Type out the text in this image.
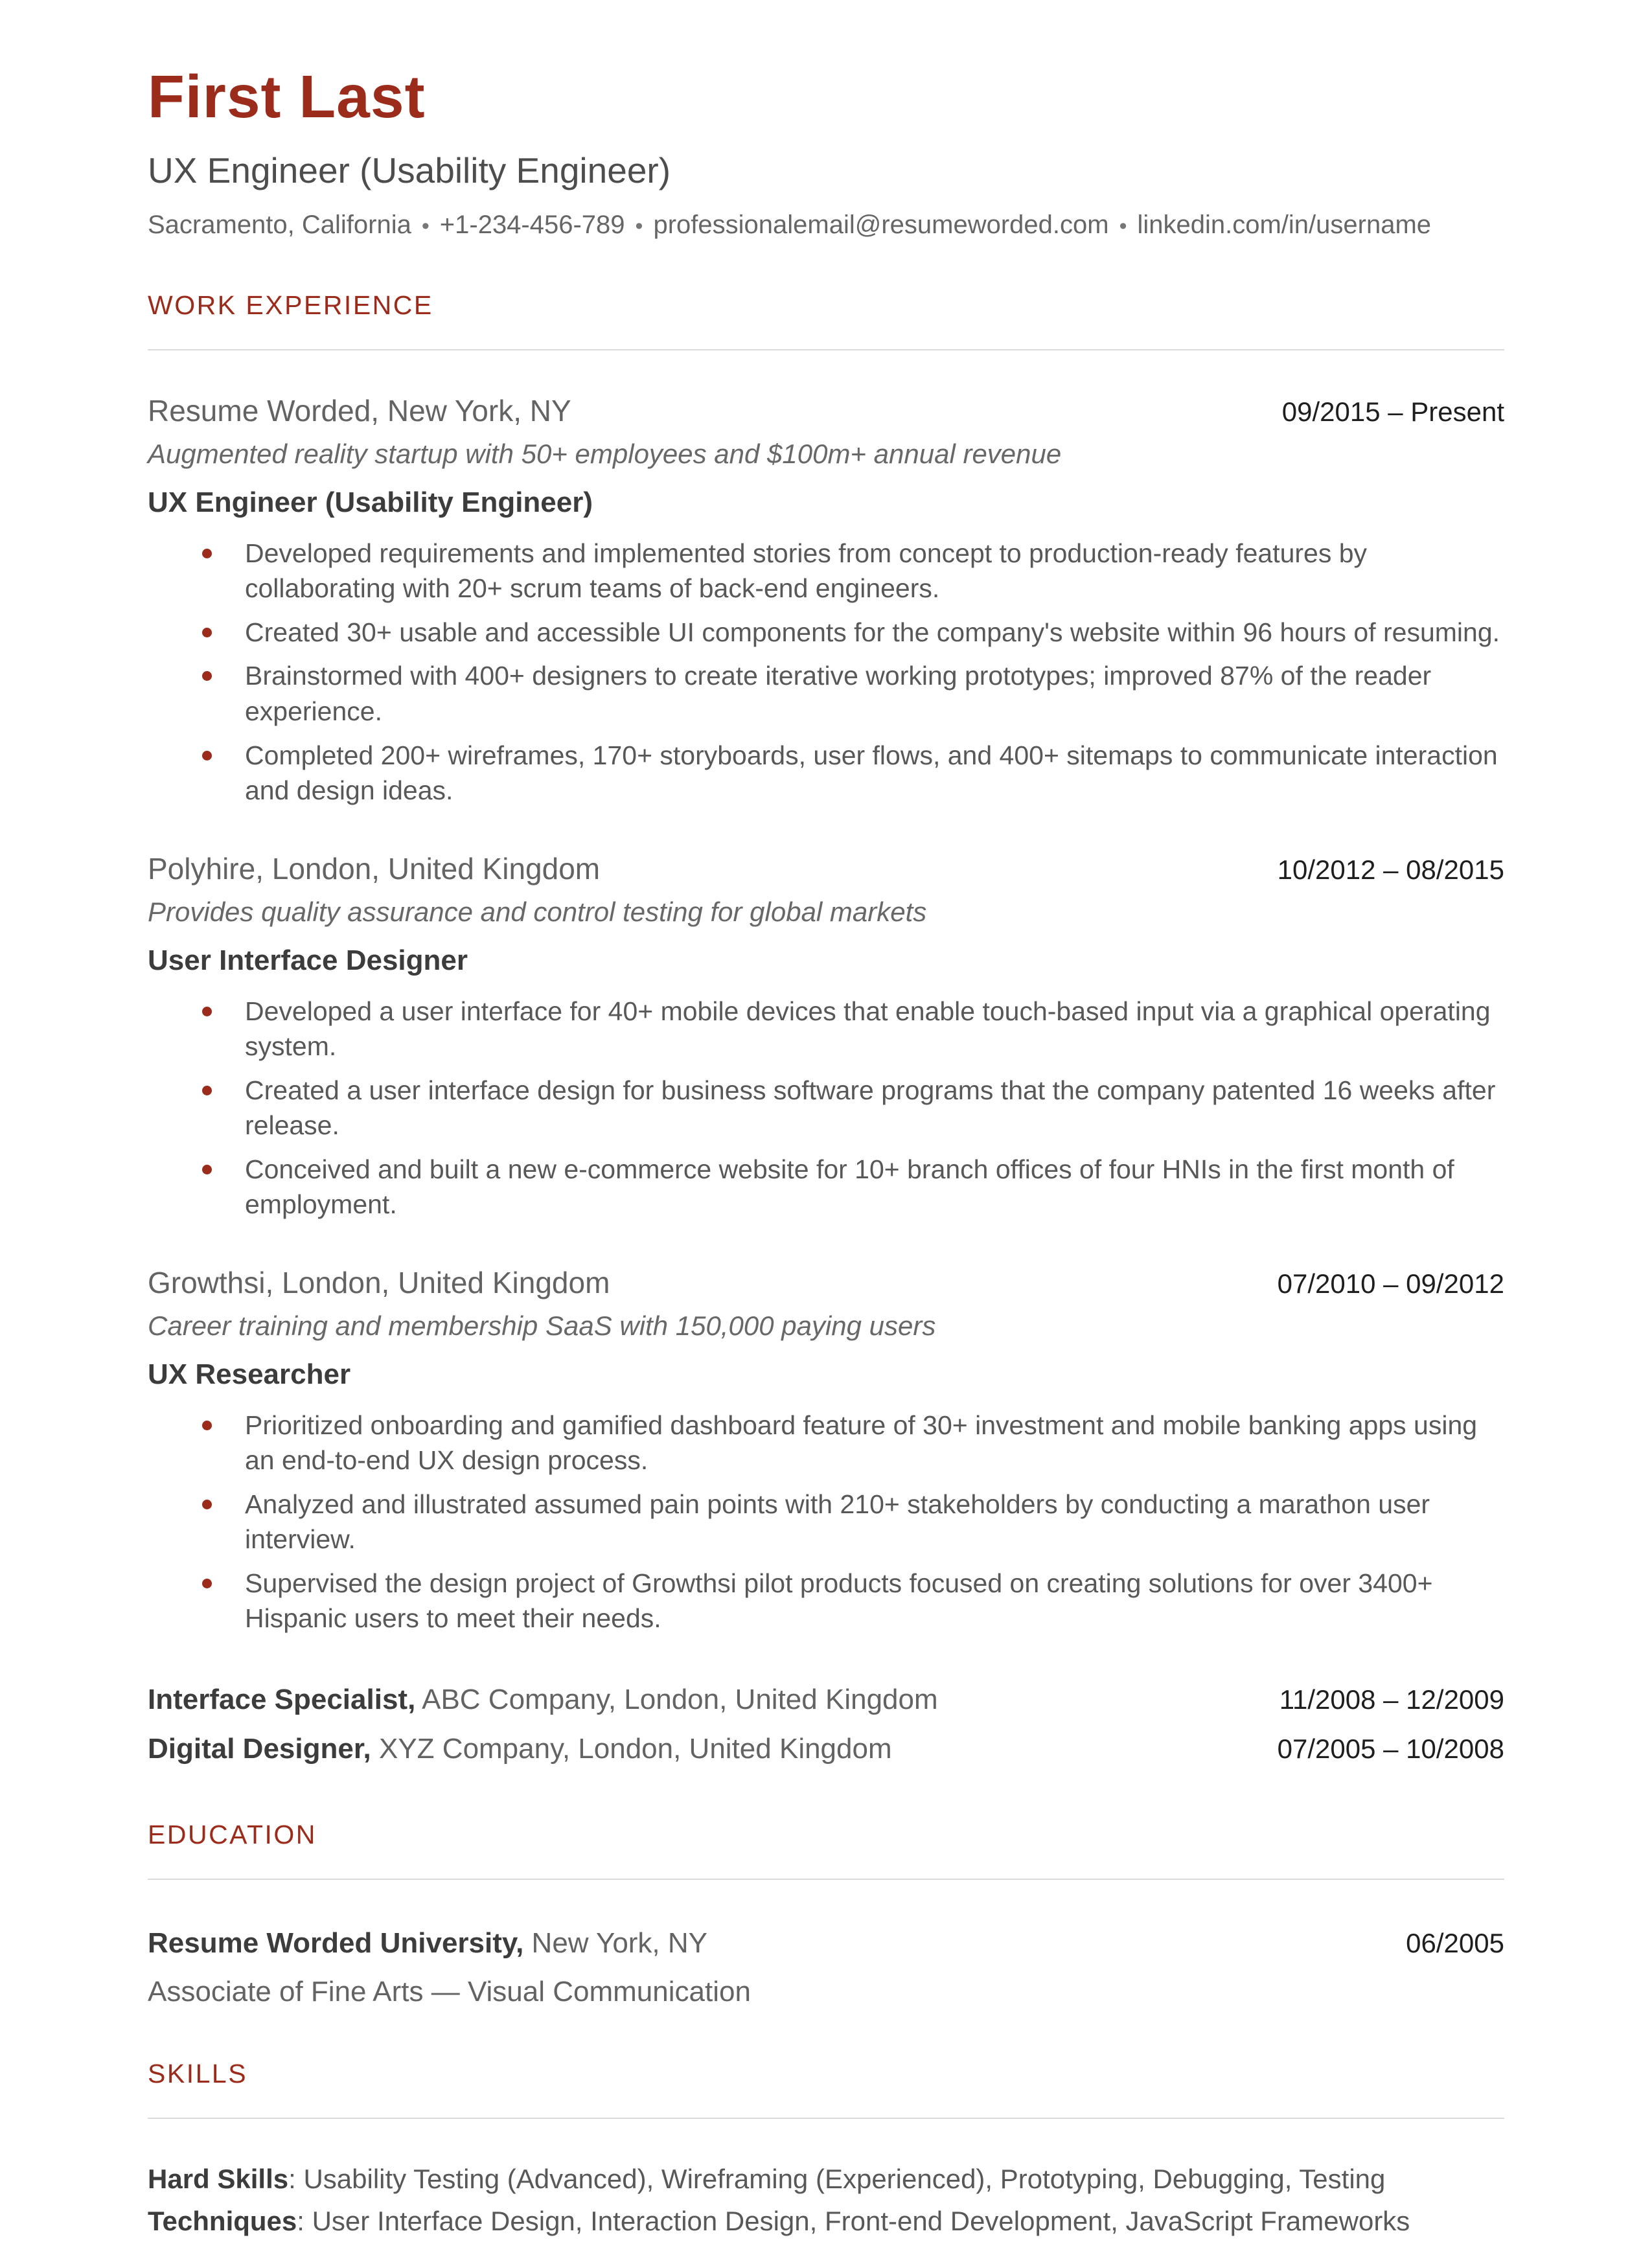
First Last
UX Engineer (Usability Engineer)
Sacramento, California • +1-234-456-789 • professionalemail@resumeworded.com • linkedin.com/in/username
WORK EXPERIENCE
Resume Worded, New York, NY	09/2015 – Present
Augmented reality startup with 50+ employees and $100m+ annual revenue
UX Engineer (Usability Engineer)
Developed requirements and implemented stories from concept to production-ready features by collaborating with 20+ scrum teams of back-end engineers.
Created 30+ usable and accessible UI components for the company's website within 96 hours of resuming.
Brainstormed with 400+ designers to create iterative working prototypes; improved 87% of the reader experience.
Completed 200+ wireframes, 170+ storyboards, user flows, and 400+ sitemaps to communicate interaction and design ideas.
Polyhire, London, United Kingdom	10/2012 – 08/2015
Provides quality assurance and control testing for global markets
User Interface Designer
Developed a user interface for 40+ mobile devices that enable touch-based input via a graphical operating system.
Created a user interface design for business software programs that the company patented 16 weeks after release.
Conceived and built a new e-commerce website for 10+ branch offices of four HNIs in the first month of employment.
Growthsi, London, United Kingdom	07/2010 – 09/2012
Career training and membership SaaS with 150,000 paying users
UX Researcher
Prioritized onboarding and gamified dashboard feature of 30+ investment and mobile banking apps using an end-to-end UX design process.
Analyzed and illustrated assumed pain points with 210+ stakeholders by conducting a marathon user interview.
Supervised the design project of Growthsi pilot products focused on creating solutions for over 3400+ Hispanic users to meet their needs.
Interface Specialist, ABC Company, London, United Kingdom	11/2008 – 12/2009
Digital Designer, XYZ Company, London, United Kingdom	07/2005 – 10/2008
EDUCATION
Resume Worded University, New York, NY	06/2005
Associate of Fine Arts — Visual Communication
SKILLS
Hard Skills: Usability Testing (Advanced), Wireframing (Experienced), Prototyping, Debugging, Testing
Techniques: User Interface Design, Interaction Design, Front-end Development, JavaScript Frameworks
